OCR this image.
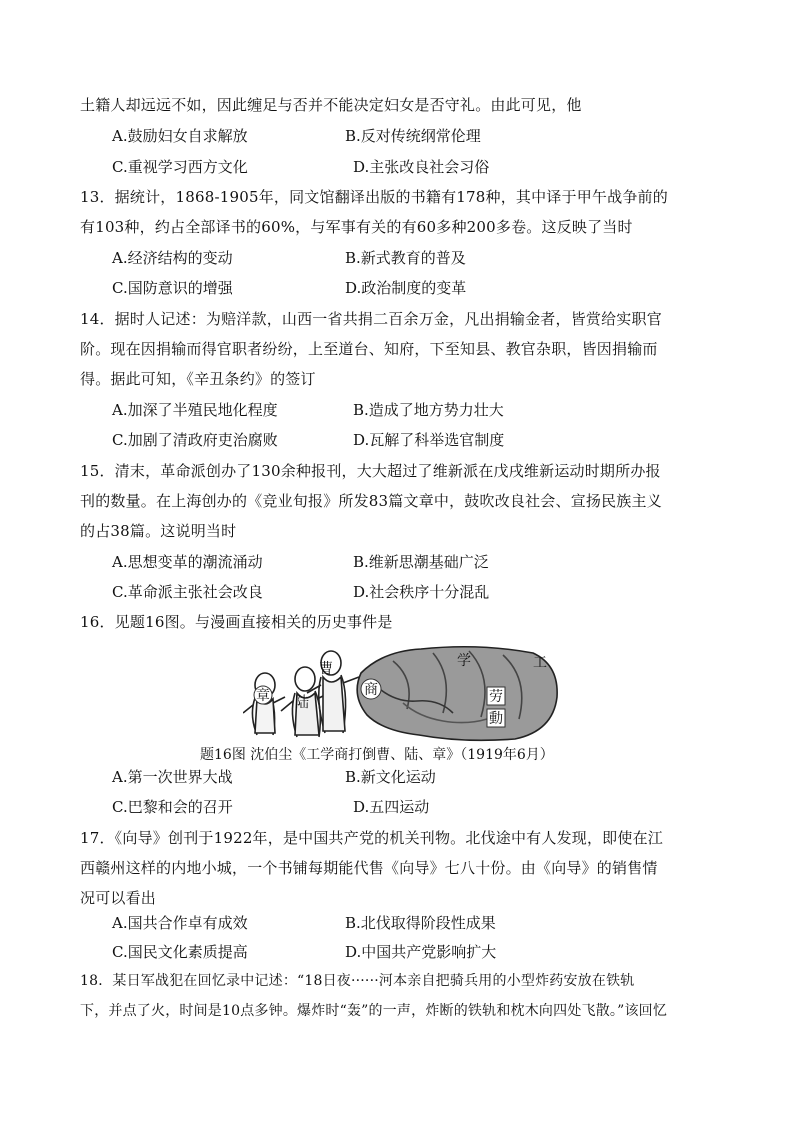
土籍人却远远不如，因此缠足与否并不能决定妇女是否守礼。由此可见，他
A.鼓励妇女自求解放	B.反对传统纲常伦理
C.重视学习西方文化	D.主张改良社会习俗
13．据统计，1868-1905年，同文馆翻译出版的书籍有178种，其中译于甲午战争前的
有103种，约占全部译书的60%，与军事有关的有60多种200多卷。这反映了当时
A.经济结构的变动	B.新式教育的普及
C.国防意识的增强	D.政治制度的变革
14．据时人记述：为赔洋款，山西一省共捐二百余万金，凡出捐输金者，皆赏给实职官
阶。现在因捐输而得官职者纷纷，上至道台、知府，下至知县、教官杂职，皆因捐输而
得。据此可知，《辛丑条约》的签订
A.加深了半殖民地化程度	B.造成了地方势力壮大
C.加剧了清政府吏治腐败	D.瓦解了科举选官制度
15．清末，革命派创办了130余种报刊，大大超过了维新派在戊戌维新运动时期所办报
刊的数量。在上海创办的《竞业旬报》所发83篇文章中，鼓吹改良社会、宣扬民族主义
的占38篇。这说明当时
A.思想变革的潮流涌动	B.维新思潮基础广泛
C.革命派主张社会改良	D.社会秩序十分混乱
16．见题16图。与漫画直接相关的历史事件是
章 陆
曹
商
学	工
劳
動
题16图 沈伯尘《工学商打倒曹、陆、章》（1919年6月）
A.第一次世界大战	B.新文化运动
C.巴黎和会的召开	D.五四运动
17．《向导》创刊于1922年，是中国共产党的机关刊物。北伐途中有人发现，即使在江
西赣州这样的内地小城，一个书铺每期能代售《向导》七八十份。由《向导》的销售情
况可以看出
A.国共合作卓有成效	B.北伐取得阶段性成果
C.国民文化素质提高	D.中国共产党影响扩大
18．某日军战犯在回忆录中记述：“18日夜······河本亲自把骑兵用的小型炸药安放在铁轨
下，并点了火，时间是10点多钟。爆炸时“轰”的一声，炸断的铁轨和枕木向四处飞散。”该回忆
